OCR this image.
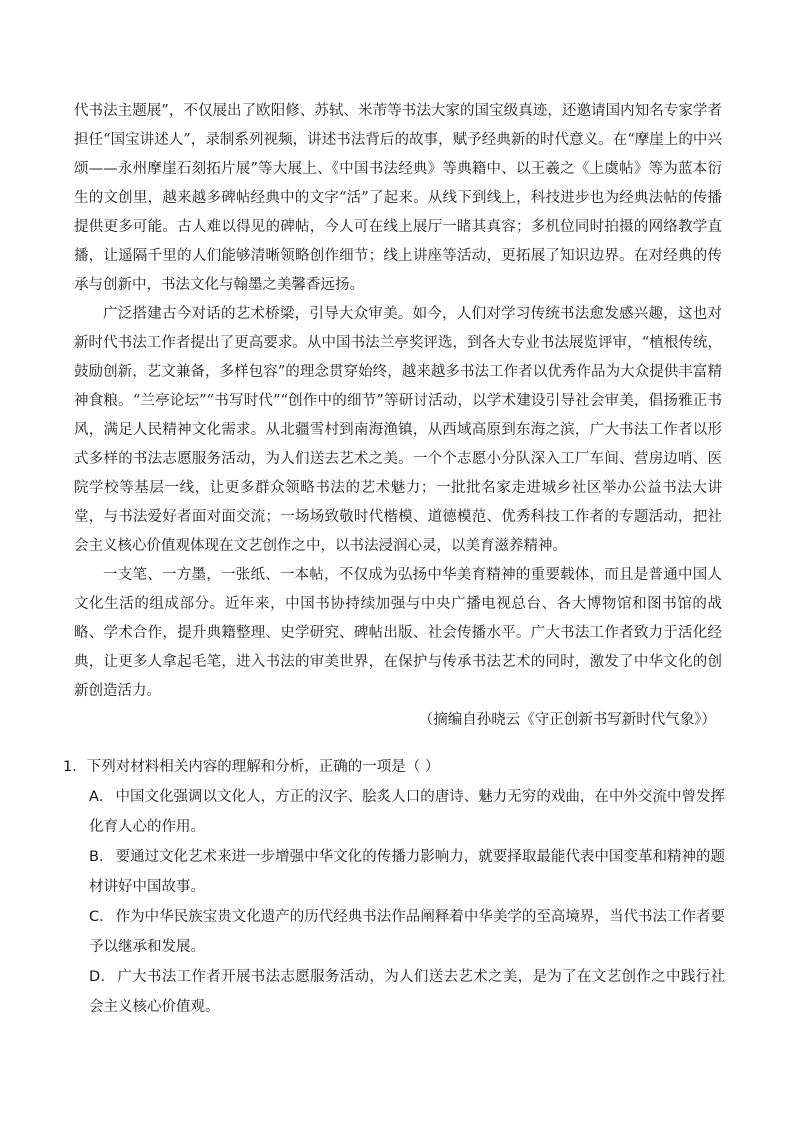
代书法主题展”，不仅展出了欧阳修、苏轼、米芾等书法大家的国宝级真迹，还邀请国内知名专家学者担任“国宝讲述人”，录制系列视频，讲述书法背后的故事，赋予经典新的时代意义。在“摩崖上的中兴颂——永州摩崖石刻拓片展”等大展上、《中国书法经典》等典籍中、以王羲之《上虞帖》等为蓝本衍生的文创里，越来越多碑帖经典中的文字“活”了起来。从线下到线上，科技进步也为经典法帖的传播提供更多可能。古人难以得见的碑帖，今人可在线上展厅一睹其真容；多机位同时拍摄的网络教学直播，让遥隔千里的人们能够清晰领略创作细节；线上讲座等活动，更拓展了知识边界。在对经典的传承与创新中，书法文化与翰墨之美馨香远扬。

广泛搭建古今对话的艺术桥梁，引导大众审美。如今，人们对学习传统书法愈发感兴趣，这也对新时代书法工作者提出了更高要求。从中国书法兰亭奖评选，到各大专业书法展览评审，“植根传统，鼓励创新，艺文兼备，多样包容”的理念贯穿始终，越来越多书法工作者以优秀作品为大众提供丰富精神食粮。“兰亭论坛”“书写时代”“创作中的细节”等研讨活动，以学术建设引导社会审美，倡扬雅正书风，满足人民精神文化需求。从北疆雪村到南海渔镇，从西域高原到东海之滨，广大书法工作者以形式多样的书法志愿服务活动，为人们送去艺术之美。一个个志愿小分队深入工厂车间、营房边哨、医院学校等基层一线，让更多群众领略书法的艺术魅力；一批批名家走进城乡社区举办公益书法大讲堂，与书法爱好者面对面交流；一场场致敬时代楷模、道德模范、优秀科技工作者的专题活动，把社会主义核心价值观体现在文艺创作之中，以书法浸润心灵，以美育滋养精神。

一支笔、一方墨，一张纸、一本帖，不仅成为弘扬中华美育精神的重要载体，而且是普通中国人文化生活的组成部分。近年来，中国书协持续加强与中央广播电视总台、各大博物馆和图书馆的战略、学术合作，提升典籍整理、史学研究、碑帖出版、社会传播水平。广大书法工作者致力于活化经典，让更多人拿起毛笔，进入书法的审美世界，在保护与传承书法艺术的同时，激发了中华文化的创新创造活力。

（摘编自孙晓云《守正创新书写新时代气象》）

1．下列对材料相关内容的理解和分析，正确的一项是（ ）

A． 中国文化强调以文化人，方正的汉字、脍炙人口的唐诗、魅力无穷的戏曲，在中外交流中曾发挥化育人心的作用。

B． 要通过文化艺术来进一步增强中华文化的传播力影响力，就要择取最能代表中国变革和精神的题材讲好中国故事。

C． 作为中华民族宝贵文化遗产的历代经典书法作品阐释着中华美学的至高境界，当代书法工作者要予以继承和发展。

D． 广大书法工作者开展书法志愿服务活动，为人们送去艺术之美，是为了在文艺创作之中践行社会主义核心价值观。
